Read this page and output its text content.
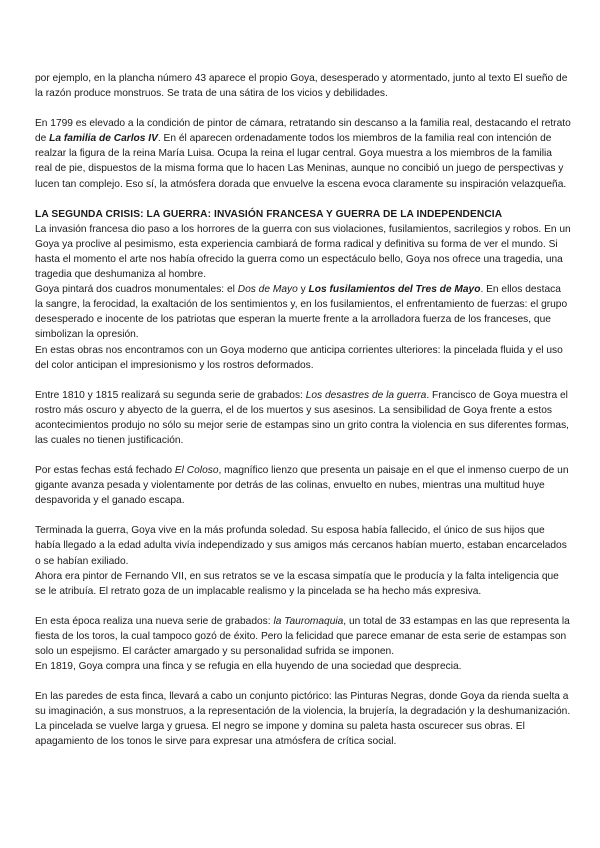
por ejemplo, en la plancha número 43 aparece el propio Goya, desesperado y atormentado, junto al texto El sueño de la razón produce monstruos. Se trata de una sátira de los vicios y debilidades.

En 1799 es elevado a la condición de pintor de cámara, retratando sin descanso a la familia real, destacando el retrato de La familia de Carlos IV. En él aparecen ordenadamente todos los miembros de la familia real con intención de realzar la figura de la reina María Luisa. Ocupa la reina el lugar central. Goya muestra a los miembros de la familia real de pie, dispuestos de la misma forma que lo hacen Las Meninas, aunque no concibió un juego de perspectivas y lucen tan complejo. Eso sí, la atmósfera dorada que envuelve la escena evoca claramente su inspiración velazqueña.

LA SEGUNDA CRISIS: LA GUERRA: INVASIÓN FRANCESA Y GUERRA DE LA INDEPENDENCIA

La invasión francesa dio paso a los horrores de la guerra con sus violaciones, fusilamientos, sacrilegios y robos. En un Goya ya proclive al pesimismo, esta experiencia cambiará de forma radical y definitiva su forma de ver el mundo. Si hasta el momento el arte nos había ofrecido la guerra como un espectáculo bello, Goya nos ofrece una tragedia, una tragedia que deshumaniza al hombre.

Goya pintará dos cuadros monumentales: el Dos de Mayo y Los fusilamientos del Tres de Mayo. En ellos destaca la sangre, la ferocidad, la exaltación de los sentimientos y, en los fusilamientos, el enfrentamiento de fuerzas: el grupo desesperado e inocente de los patriotas que esperan la muerte frente a la arrolladora fuerza de los franceses, que simbolizan la opresión.

En estas obras nos encontramos con un Goya moderno que anticipa corrientes ulteriores: la pincelada fluida y el uso del color anticipan el impresionismo y los rostros deformados.

Entre 1810 y 1815 realizará su segunda serie de grabados: Los desastres de la guerra. Francisco de Goya muestra el rostro más oscuro y abyecto de la guerra, el de los muertos y sus asesinos. La sensibilidad de Goya frente a estos acontecimientos produjo no sólo su mejor serie de estampas sino un grito contra la violencia en sus diferentes formas, las cuales no tienen justificación.

Por estas fechas está fechado El Coloso, magnífico lienzo que presenta un paisaje en el que el inmenso cuerpo de un gigante avanza pesada y violentamente por detrás de las colinas, envuelto en nubes, mientras una multitud huye despavorida y el ganado escapa.

Terminada la guerra, Goya vive en la más profunda soledad. Su esposa había fallecido, el único de sus hijos que había llegado a la edad adulta vivía independizado y sus amigos más cercanos habían muerto, estaban encarcelados o se habían exiliado.

Ahora era pintor de Fernando VII, en sus retratos se ve la escasa simpatía que le producía y la falta inteligencia que se le atribuía. El retrato goza de un implacable realismo y la pincelada se ha hecho más expresiva.

En esta época realiza una nueva serie de grabados: la Tauromaquia, un total de 33 estampas en las que representa la fiesta de los toros, la cual tampoco gozó de éxito. Pero la felicidad que parece emanar de esta serie de estampas son solo un espejismo. El carácter amargado y su personalidad sufrida se imponen.

En 1819, Goya compra una finca y se refugia en ella huyendo de una sociedad que desprecia.

En las paredes de esta finca, llevará a cabo un conjunto pictórico: las Pinturas Negras, donde Goya da rienda suelta a su imaginación, a sus monstruos, a la representación de la violencia, la brujería, la degradación y la deshumanización.

La pincelada se vuelve larga y gruesa. El negro se impone y domina su paleta hasta oscurecer sus obras. El apagamiento de los tonos le sirve para expresar una atmósfera de crítica social.
